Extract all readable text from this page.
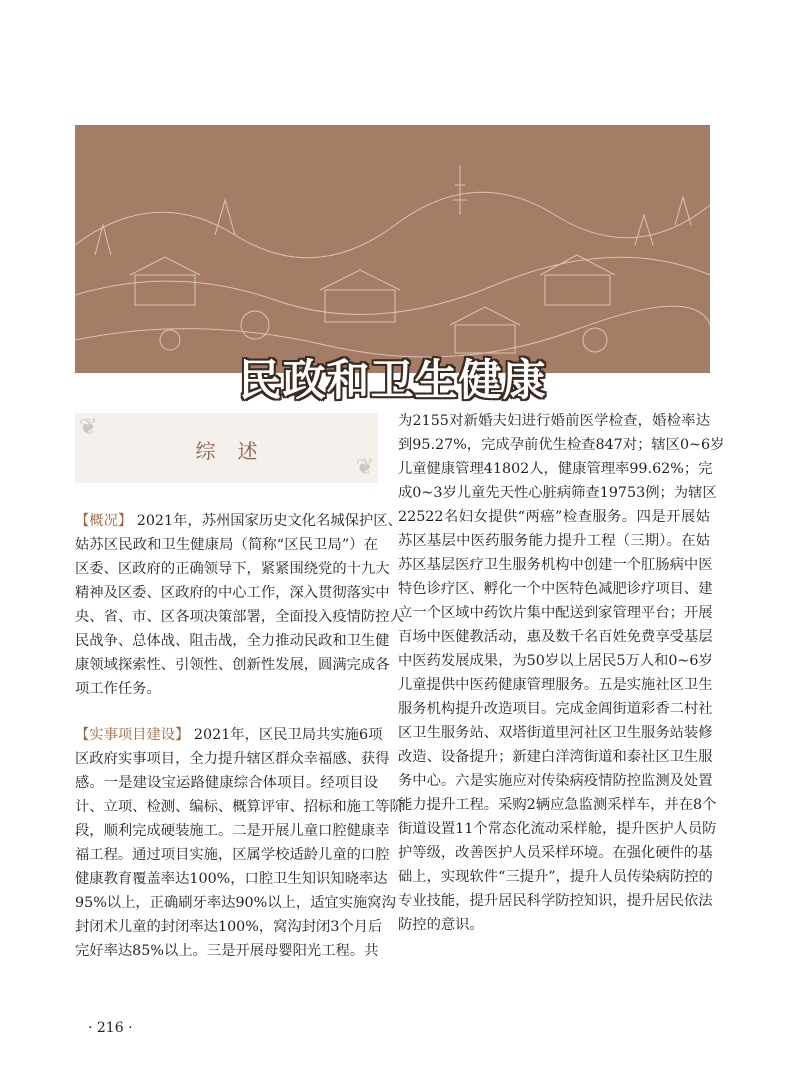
民政和卫生健康
❦
❦
综述
【概况】 2021年，苏州国家历史文化名城保护区、
姑苏区民政和卫生健康局（简称“区民卫局”）在
区委、区政府的正确领导下，紧紧围绕党的十九大
精神及区委、区政府的中心工作，深入贯彻落实中
央、省、市、区各项决策部署，全面投入疫情防控人
民战争、总体战、阻击战，全力推动民政和卫生健
康领域探索性、引领性、创新性发展，圆满完成各
项工作任务。
【实事项目建设】 2021年，区民卫局共实施6项
区政府实事项目，全力提升辖区群众幸福感、获得
感。一是建设宝运路健康综合体项目。经项目设
计、立项、检测、编标、概算评审、招标和施工等阶
段，顺利完成硬装施工。二是开展儿童口腔健康幸
福工程。通过项目实施，区属学校适龄儿童的口腔
健康教育覆盖率达100%，口腔卫生知识知晓率达
95%以上，正确刷牙率达90%以上，适宜实施窝沟
封闭术儿童的封闭率达100%，窝沟封闭3个月后
完好率达85%以上。三是开展母婴阳光工程。共
为2155对新婚夫妇进行婚前医学检查，婚检率达
到95.27%，完成孕前优生检查847对；辖区0~6岁
儿童健康管理41802人，健康管理率99.62%；完
成0~3岁儿童先天性心脏病筛查19753例；为辖区
22522名妇女提供“两癌”检查服务。四是开展姑
苏区基层中医药服务能力提升工程（三期）。在姑
苏区基层医疗卫生服务机构中创建一个肛肠病中医
特色诊疗区、孵化一个中医特色减肥诊疗项目、建
立一个区域中药饮片集中配送到家管理平台；开展
百场中医健教活动，惠及数千名百姓免费享受基层
中医药发展成果，为50岁以上居民5万人和0~6岁
儿童提供中医药健康管理服务。五是实施社区卫生
服务机构提升改造项目。完成金阊街道彩香二村社
区卫生服务站、双塔街道里河社区卫生服务站装修
改造、设备提升；新建白洋湾街道和泰社区卫生服
务中心。六是实施应对传染病疫情防控监测及处置
能力提升工程。采购2辆应急监测采样车，并在8个
街道设置11个常态化流动采样舱，提升医护人员防
护等级，改善医护人员采样环境。在强化硬件的基
础上，实现软件“三提升”，提升人员传染病防控的
专业技能，提升居民科学防控知识，提升居民依法
防控的意识。
· 216 ·
